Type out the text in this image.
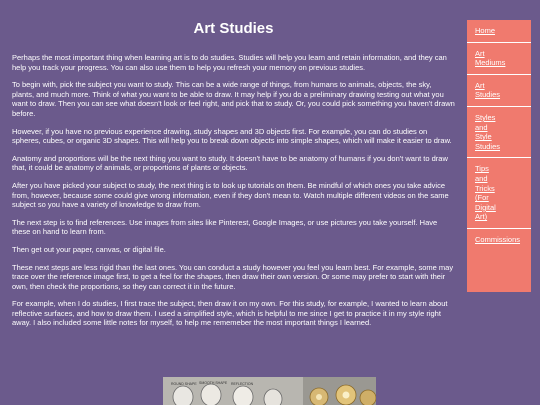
Art Studies

Perhaps the most important thing when learning art is to do studies. Studies will help you learn and retain information, and they can help you track your progress. You can also use them to help you refresh your memory on previous studies.

To begin with, pick the subject you want to study. This can be a wide range of things, from humans to animals, objects, the sky, plants, and much more. Think of what you want to be able to draw. It may help if you do a preliminary drawing testing out what you want to draw. Then you can see what doesn't look or feel right, and pick that to study. Or, you could pick something you haven't drawn before.

However, if you have no previous experience drawing, study shapes and 3D objects first. For example, you can do studies on spheres, cubes, or organic 3D shapes. This will help you to break down objects into simple shapes, which will make it easier to draw.

Anatomy and proportions will be the next thing you want to study. It doesn't have to be anatomy of humans if you don't want to draw that, it could be anatomy of animals, or proportions of plants or objects.

After you have picked your subject to study, the next thing is to look up tutorials on them. Be mindful of which ones you take advice from, however, because some could give wrong information, even if they don't mean to. Watch multiple different videos on the same subject so you have a variety of knowledge to draw from.

The next step is to find references. Use images from sites like Pinterest, Google Images, or use pictures you take yourself. Have these on hand to learn from.

Then get out your paper, canvas, or digital file.

These next steps are less rigid than the last ones. You can conduct a study however you feel you learn best. For example, some may trace over the reference image first, to get a feel for the shapes, then draw their own version. Or some may prefer to start with their own, then check the proportions, so they can correct it in the future.

For example, when I do studies, I first trace the subject, then draw it on my own. For this study, for example, I wanted to learn about reflective surfaces, and how to draw them. I used a simplified style, which is helpful to me since I get to practice it in my style right away. I also included some little notes for myself, to help me rememeber the most important things I learned.

Home
Art
Mediums
Art
Studies
Styles
and
Style
Studies
Tips
and
Tricks
(For
Digital
Art)
Commissions
ROUND SHAPE SMOOTH SHAPE REFLECTION
